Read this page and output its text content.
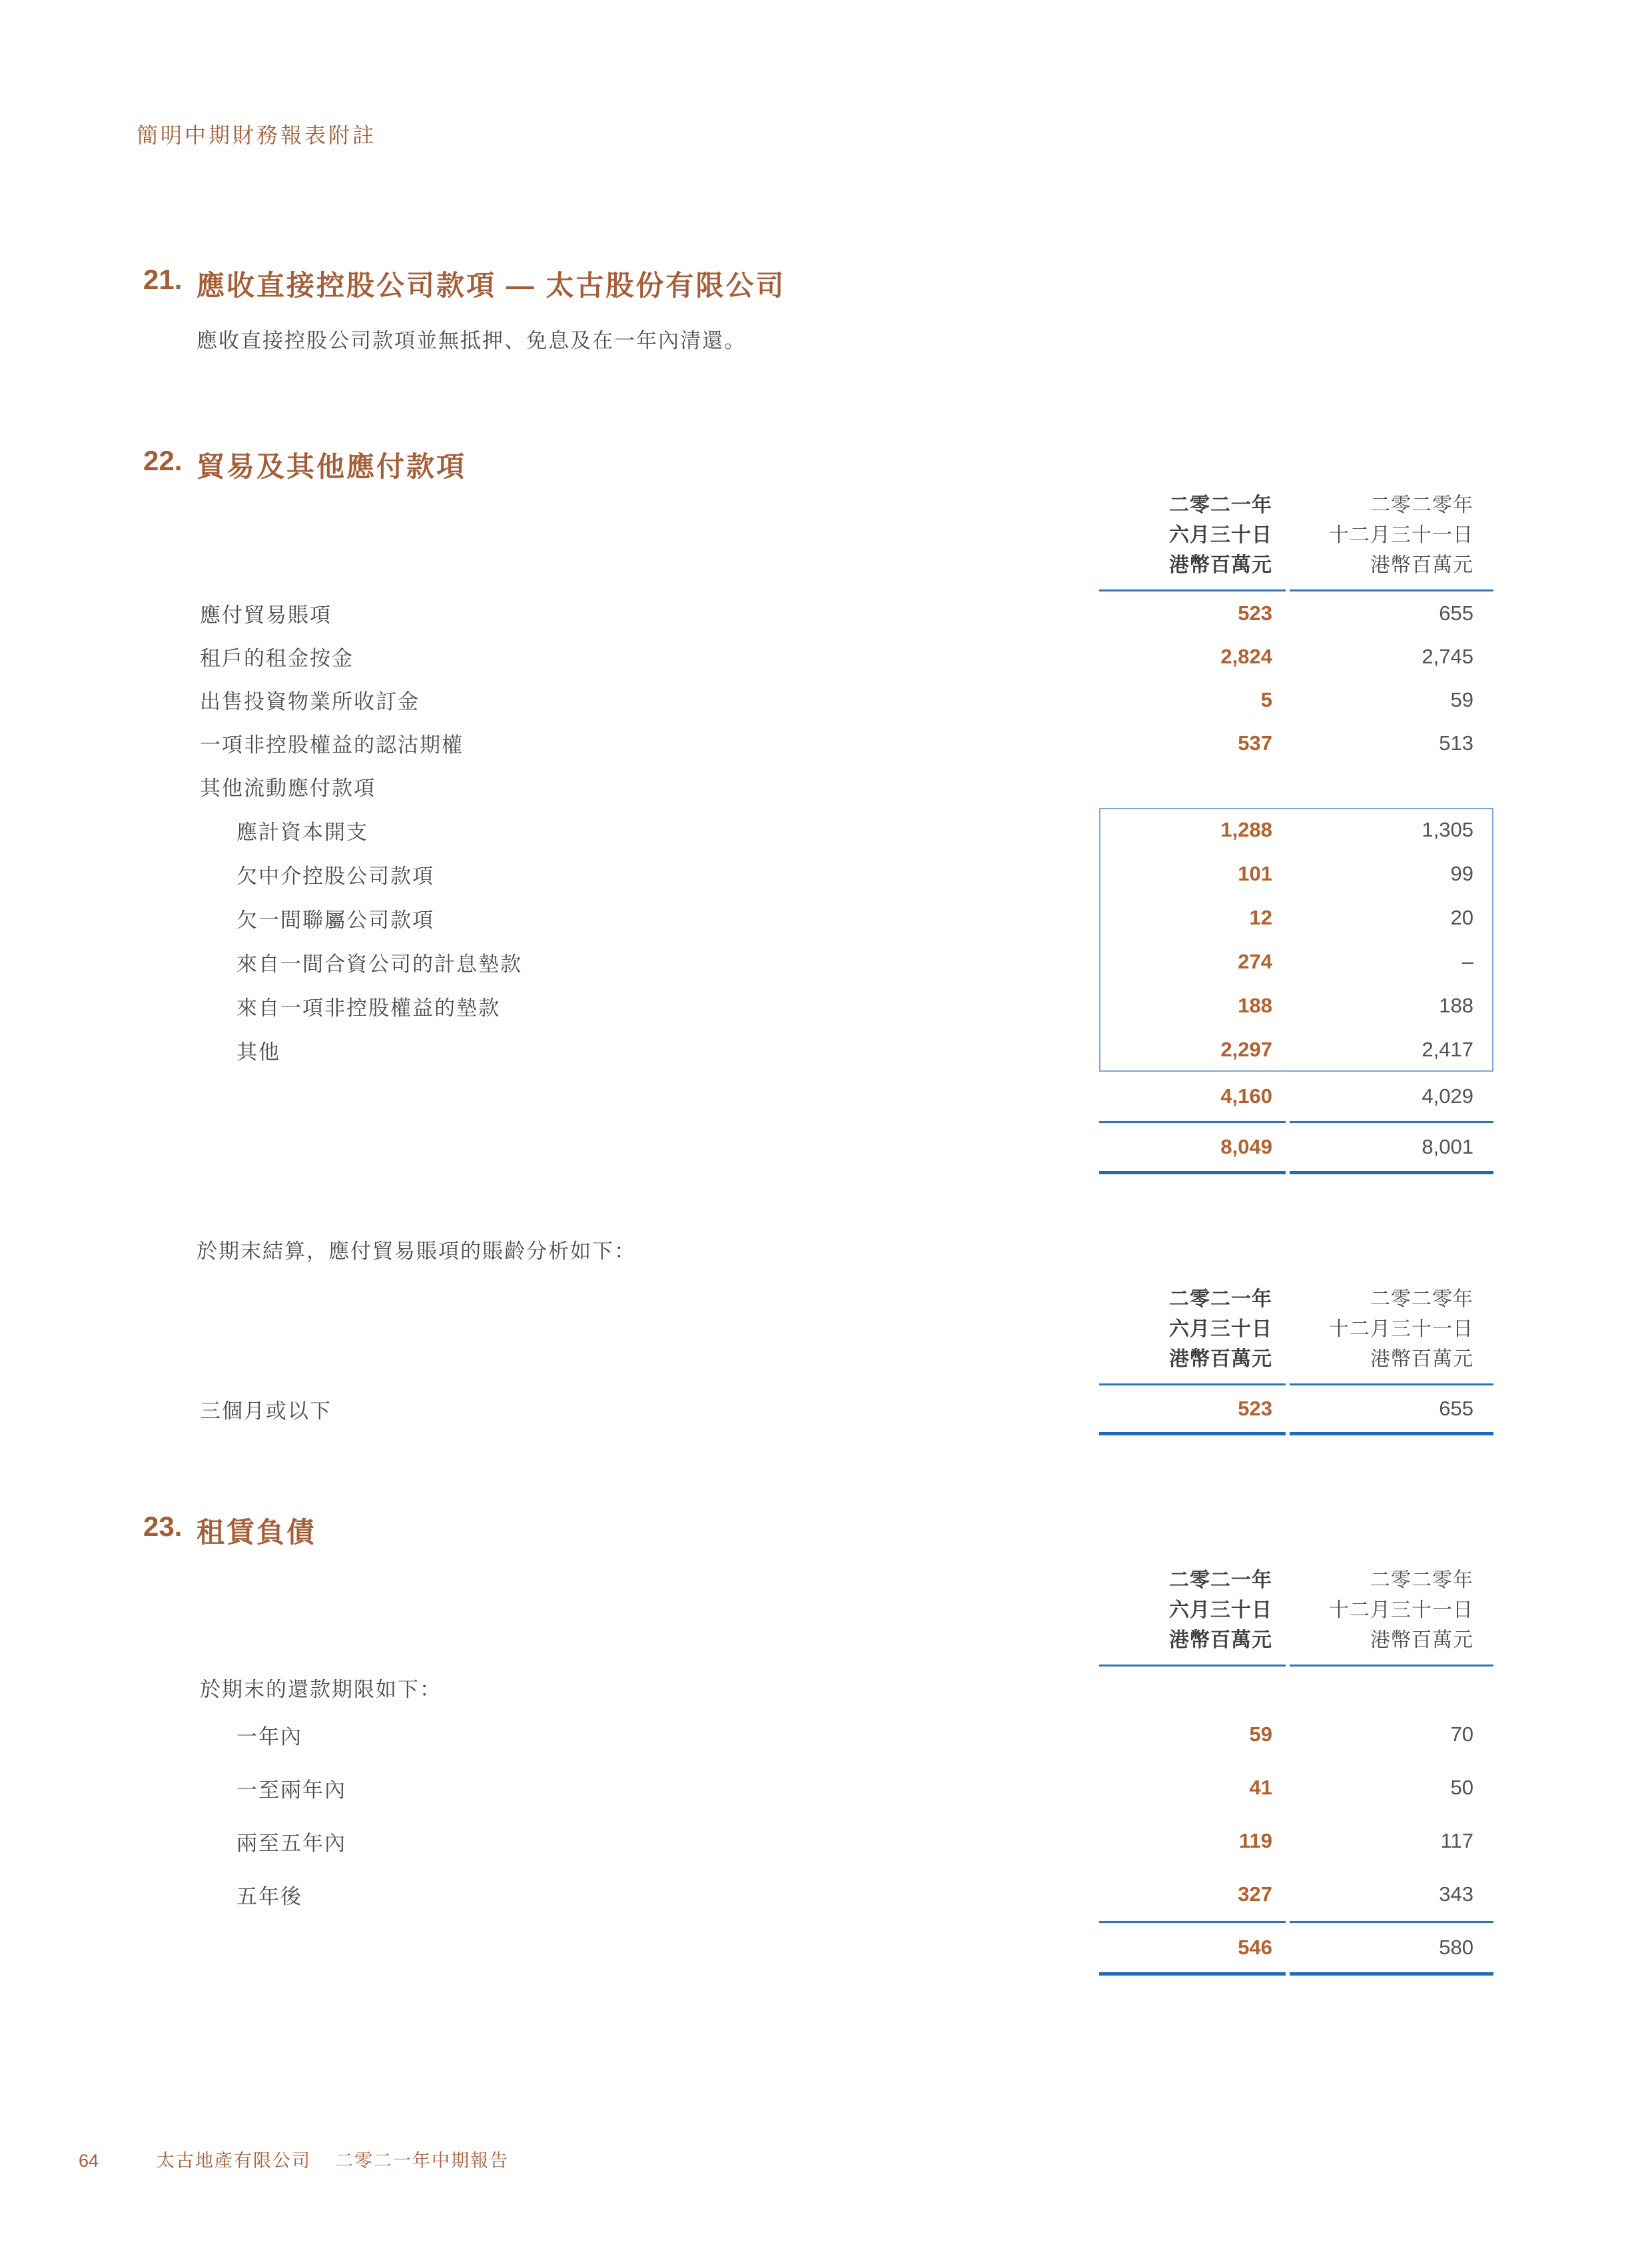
簡明中期財務報表附註
21. 應收直接控股公司款項 — 太古股份有限公司
應收直接控股公司款項並無抵押、免息及在一年內清還。
22. 貿易及其他應付款項
二零二一年
六月三十日
港幣百萬元
二零二零年
十二月三十一日
港幣百萬元
應付貿易賬項	523	655
租戶的租金按金	2,824	2,745
出售投資物業所收訂金	5	59
一項非控股權益的認沽期權	537	513
其他流動應付款項
應計資本開支	1,288	1,305
欠中介控股公司款項	101	99
欠一間聯屬公司款項	12	20
來自一間合資公司的計息墊款	274	–
來自一項非控股權益的墊款	188	188
其他	2,297	2,417
4,160	4,029
8,049	8,001
於期末結算，應付貿易賬項的賬齡分析如下：
二零二一年
六月三十日
港幣百萬元
二零二零年
十二月三十一日
港幣百萬元
三個月或以下	523	655
23. 租賃負債
二零二一年
六月三十日
港幣百萬元
二零二零年
十二月三十一日
港幣百萬元
於期末的還款期限如下：
一年內	59	70
一至兩年內	41	50
兩至五年內	119	117
五年後	327	343
546	580
64	太古地產有限公司 二零二一年中期報告
